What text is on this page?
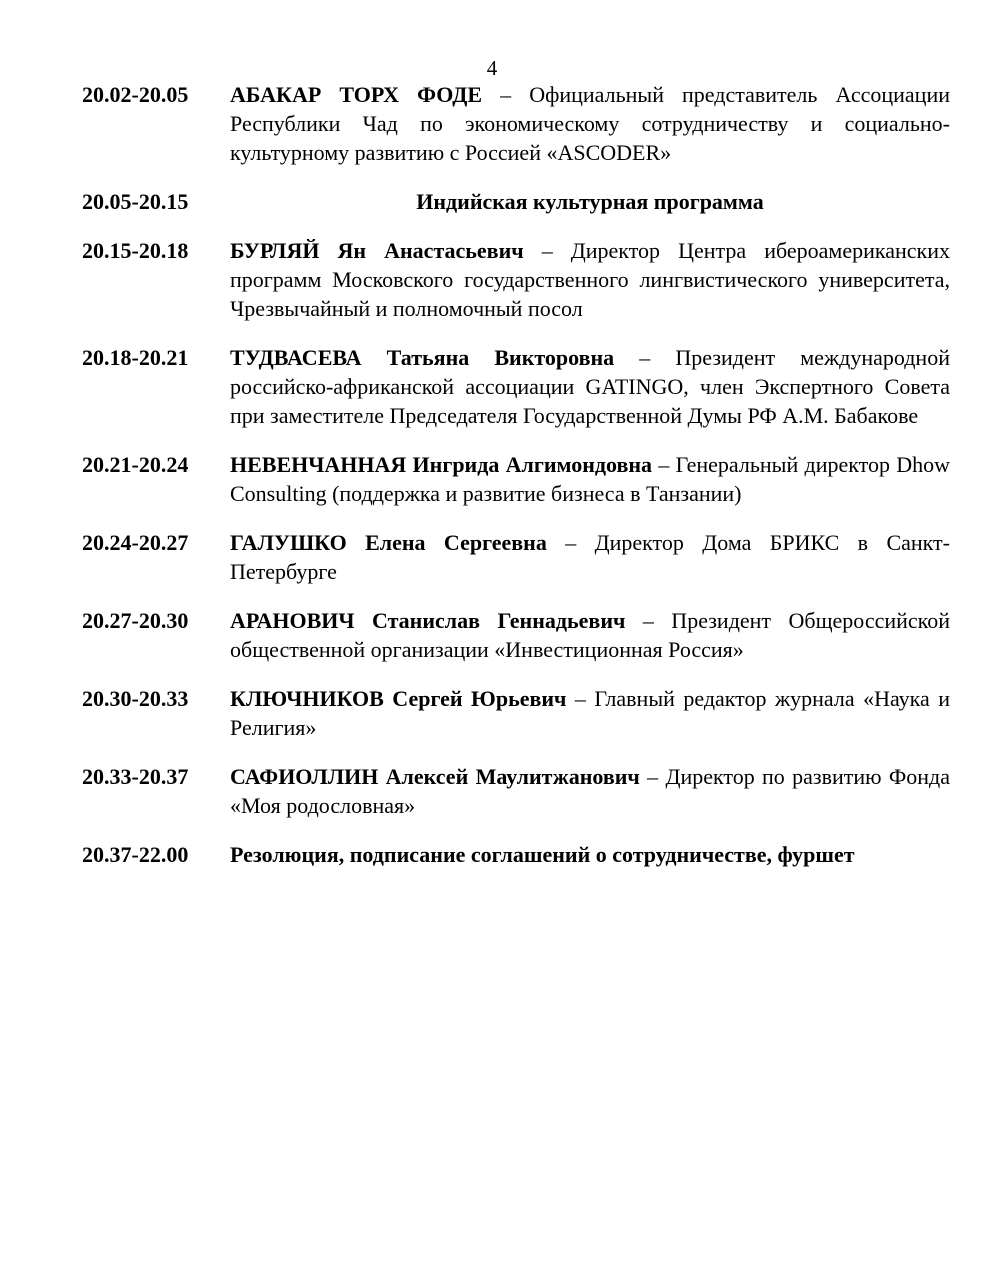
4
20.02-20.05	АБАКАР ТОРХ ФОДЕ – Официальный представитель Ассоциации Республики Чад по экономическому сотрудничеству и социально-культурному развитию с Россией «ASCODER»
20.05-20.15	Индийская культурная программа
20.15-20.18	БУРЛЯЙ Ян Анастасьевич – Директор Центра ибероамериканских программ Московского государственного лингвистического университета, Чрезвычайный и полномочный посол
20.18-20.21	ТУДВАСЕВА Татьяна Викторовна – Президент международной российско-африканской ассоциации GATINGO, член Экспертного Совета при заместителе Председателя Государственной Думы РФ А.М. Бабакове
20.21-20.24	НЕВЕНЧАННАЯ Ингрида Алгимондовна – Генеральный директор Dhow Consulting (поддержка и развитие бизнеса в Танзании)
20.24-20.27	ГАЛУШКО Елена Сергеевна – Директор Дома БРИКС в Санкт-Петербурге
20.27-20.30	АРАНОВИЧ Станислав Геннадьевич – Президент Общероссийской общественной организации «Инвестиционная Россия»
20.30-20.33	КЛЮЧНИКОВ Сергей Юрьевич – Главный редактор журнала «Наука и Религия»
20.33-20.37	САФИОЛЛИН Алексей Маулитжанович – Директор по развитию Фонда «Моя родословная»
20.37-22.00	Резолюция, подписание соглашений о сотрудничестве, фуршет
